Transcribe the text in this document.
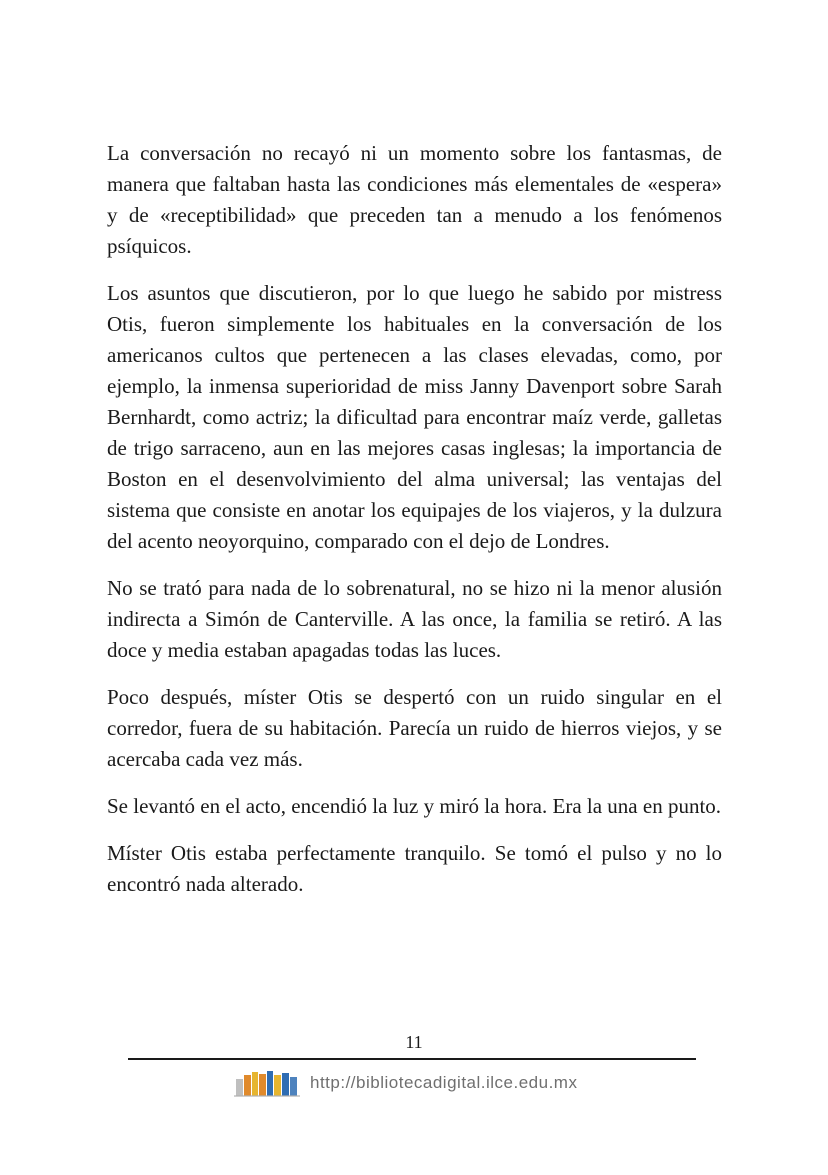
La conversación no recayó ni un momento sobre los fantasmas, de manera que faltaban hasta las condiciones más elementales de «espera» y de «receptibilidad» que preceden tan a menudo a los fenómenos psíquicos.

Los asuntos que discutieron, por lo que luego he sabido por mistress Otis, fueron simplemente los habituales en la conversación de los americanos cultos que pertenecen a las clases elevadas, como, por ejemplo, la inmensa superioridad de miss Janny Davenport sobre Sarah Bernhardt, como actriz; la dificultad para encontrar maíz verde, galletas de trigo sarraceno, aun en las mejores casas inglesas; la importancia de Boston en el desenvolvimiento del alma universal; las ventajas del sistema que consiste en anotar los equipajes de los viajeros, y la dulzura del acento neoyorquino, comparado con el dejo de Londres.

No se trató para nada de lo sobrenatural, no se hizo ni la menor alusión indirecta a Simón de Canterville. A las once, la familia se retiró. A las doce y media estaban apagadas todas las luces.

Poco después, míster Otis se despertó con un ruido singular en el corredor, fuera de su habitación. Parecía un ruido de hierros viejos, y se acercaba cada vez más.

Se levantó en el acto, encendió la luz y miró la hora. Era la una en punto.

Míster Otis estaba perfectamente tranquilo. Se tomó el pulso y no lo encontró nada alterado.

11
http://bibliotecadigital.ilce.edu.mx
